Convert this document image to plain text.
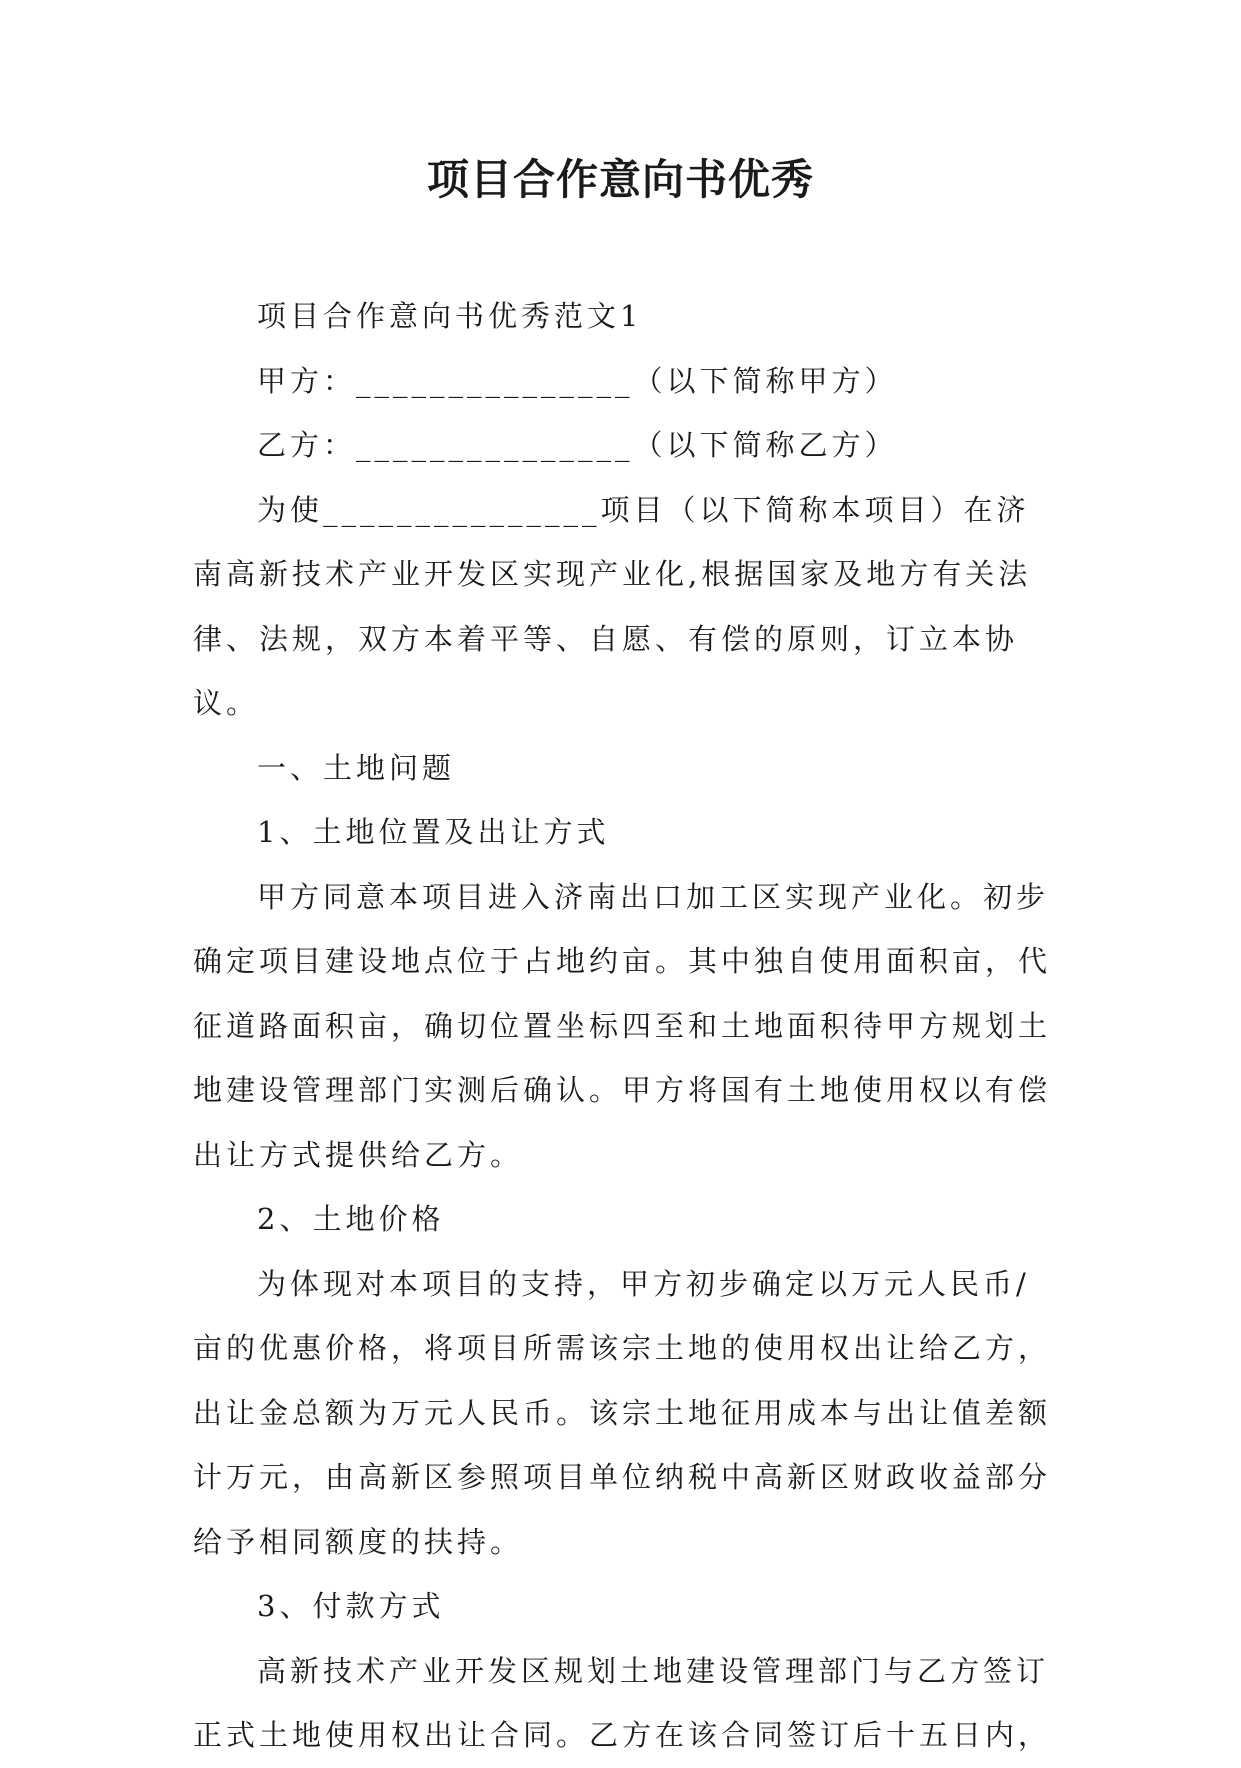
项目合作意向书优秀

项目合作意向书优秀范文1

甲方：_______________（以下简称甲方）

乙方：_______________（以下简称乙方）

为使_______________项目（以下简称本项目）在济南高新技术产业开发区实现产业化,根据国家及地方有关法律、法规，双方本着平等、自愿、有偿的原则，订立本协议。

一、土地问题

1、土地位置及出让方式

甲方同意本项目进入济南出口加工区实现产业化。初步确定项目建设地点位于占地约亩。其中独自使用面积亩，代征道路面积亩，确切位置坐标四至和土地面积待甲方规划土地建设管理部门实测后确认。甲方将国有土地使用权以有偿出让方式提供给乙方。

2、土地价格

为体现对本项目的支持，甲方初步确定以万元人民币/亩的优惠价格，将项目所需该宗土地的使用权出让给乙方，出让金总额为万元人民币。该宗土地征用成本与出让值差额计万元，由高新区参照项目单位纳税中高新区财政收益部分给予相同额度的扶持。

3、付款方式

高新技术产业开发区规划土地建设管理部门与乙方签订正式土地使用权出让合同。乙方在该合同签订后十五日内，
